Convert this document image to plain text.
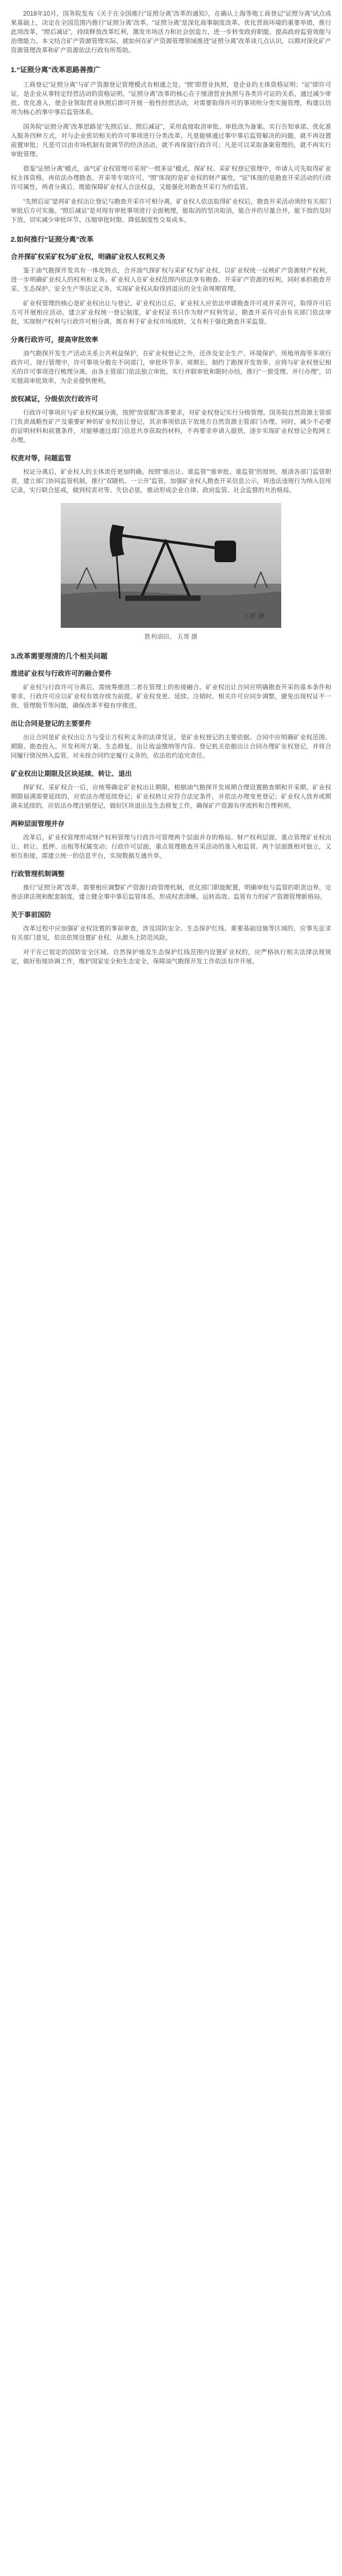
2018年10月，国务院发布《关于在全国推行“证照分离”改革的通知》，在确认上海等地工商登记“证照分离”试点成果基础上，决定在全国范围内推行“证照分离”改革。“证照分离”是深化商事制度改革、优化营商环境的重要举措，推行此项改革，“照后减证”，持续释放改革红利，激发市场活力和社会创造力，进一步转变政府职能，提高政府监管效能与治理能力。本文结合矿产资源管理实际，就如何在矿产资源管理领域推进“证照分离”改革谈几点认识，以期对深化矿产资源管理改革和矿产资源依法行政有所帮助。

1.“证照分离”改革思路善推广

工商登记“证照分离”与矿产资源登记管理模式有相通之处。“照”即营业执照，是企业的主体资格证明；“证”即许可证，是企业从事特定经营活动的资格证明。“证照分离”改革的核心在于厘清营业执照与各类许可证的关系，通过减少审批、优化准入，使企业领取营业执照后即可开展一般性经营活动，对需要取得许可的事项则分类实施管理，构建以信用为核心的事中事后监管体系。

国务院“证照分离”改革思路是“先照后证、照后减证”，采用直接取消审批、审批改为备案、实行告知承诺、优化准入服务四种方式，对与企业密切相关的许可事项进行分类改革。凡是能够通过事中事后监管解决的问题，就不再设置前置审批；凡是可以由市场机制有效调节的经济活动，就不再保留行政许可；凡是可以采取备案管理的，就不再实行审批管理。

借鉴“证照分离”模式，油气矿业权管理可采用“一照多证”模式。探矿权、采矿权登记管理中，申请人可先取得矿业权主体资格，再依法办理勘查、开采等专项许可。“照”体现的是矿业权的财产属性，“证”体现的是勘查开采活动的行政许可属性，两者分离后，既能保障矿业权人合法权益，又能强化对勘查开采行为的监管。

“先照后证”是将矿业权出让登记与勘查开采许可相分离，矿业权人依法取得矿业权后，勘查开采活动须经有关部门审批后方可实施。“照后减证”是对现有审批事项进行全面梳理，能取消的坚决取消，能合并的尽量合并，能下放的及时下放，切实减少审批环节、压缩审批时限、降低制度性交易成本。

2.如何推行“证照分离”改革
合并探矿权采矿权为矿业权，明确矿业权人权利义务

鉴于油气勘探开发具有一体化特点，合并油气探矿权与采矿权为矿业权，以矿业权统一反映矿产资源财产权利，进一步明确矿业权人的权利和义务。矿业权人在矿业权范围内依法享有勘查、开采矿产资源的权利，同时承担勘查开采、生态保护、安全生产等法定义务，实现矿业权从取得到退出的全生命周期管理。

矿业权管理的核心是矿业权出让与登记。矿业权出让后，矿业权人应依法申请勘查许可或开采许可，取得许可后方可开展相应活动。建立矿业权统一登记制度，矿业权证书只作为财产权利凭证，勘查开采许可由有关部门依法审批，实现财产权利与行政许可相分离，既有利于矿业权市场流转，又有利于强化勘查开采监管。

分离行政许可，提高审批效率

油气勘探开发生产活动关系公共利益保护，在矿业权登记之外，还涉及安全生产、环境保护、用地用海等多项行政许可。现行管理中，许可事项分散在不同部门，审批环节多、周期长，制约了勘探开发效率。应将与矿业权登记相关的许可事项进行梳理分离，由各主管部门依法独立审批，实行并联审批和限时办结，推行“一窗受理、并行办理”，切实提高审批效率，为企业提供便利。

放权减证，分级依次行政许可

行政许可事项应与矿业权权属分离，按照“放管服”改革要求，对矿业权登记实行分级管理。国务院自然资源主管部门负责战略性矿产及重要矿种的矿业权出让登记，其余事项依法下放地方自然资源主管部门办理。同时，减少不必要的证明材料和前置条件，对能够通过部门信息共享获取的材料，不再要求申请人提供，逐步实现矿业权登记全程网上办理。

权责对等，问题监管

权证分离后，矿业权人的主体责任更加明确。按照“谁出让、谁监管”“谁审批、谁监管”的原则，厘清各部门监管职责，建立部门协同监管机制，推行“双随机、一公开”监管，加强矿业权人勘查开采信息公示，将违法违规行为纳入信用记录，实行联合惩戒，做到权责对等、失信必惩，推动形成企业自律、政府监管、社会监督的共治格局。

王军 摄
胜利油田。 五哥 摄
3.改革需要理清的几个相关问题
推进矿业权与行政许可的融合要件

矿业权与行政许可分离后，需统筹推进二者在管理上的衔接融合。矿业权出让合同应明确勘查开采的基本条件和要求，行政许可应以矿业权有效存续为前提。矿业权变更、延续、注销时，相关许可应同步调整，避免出现权证不一致、管理脱节等问题，确保改革平稳有序推进。

出让合同是登记的主要要件

出让合同是矿业权出让方与受让方权利义务的法律凭证，是矿业权登记的主要依据。合同中应明确矿业权范围、期限、勘查投入、开发利用方案、生态修复、出让收益缴纳等内容。登记机关依据出让合同办理矿业权登记，并将合同履行情况纳入监管，对未按合同约定履行义务的，依法依约追究责任。

矿业权出让期限及区块延续、转让、退出

探矿权、采矿权合一后，应统筹确定矿业权出让期限，根据油气勘探开发周期合理设置勘查期和开采期。矿业权期限届满需要延续的，应依法办理延续登记；矿业权转让应符合法定条件，并依法办理变更登记；矿业权人放弃或期满未延续的，应依法办理注销登记，做好区块退出及生态修复工作，确保矿产资源有序流转和合理利用。

两种层面管理并存

改革后，矿业权管理形成财产权利管理与行政许可管理两个层面并存的格局。财产权利层面，重点管理矿业权出让、转让、抵押、出租等权属变动；行政许可层面，重点管理勘查开采活动的准入和监管。两个层面既相对独立，又相互衔接，需建立统一的信息平台，实现数据互通共享。

行政管理机制调整

推行“证照分离”改革，需要相应调整矿产资源行政管理机制，优化部门职能配置，明确审批与监管的职责边界，完善法律法规和配套制度，建立健全事中事后监管体系，形成权责清晰、运转高效、监管有力的矿产资源管理新格局。

关于事前国防

改革过程中应加强矿业权设置的事前审查，涉及国防安全、生态保护红线、重要基础设施等区域的，应事先征求有关部门意见，依法依规设置矿业权，从源头上防范风险。

对于在已划定的国防安全区域、自然保护地及生态保护红线范围内设置矿业权的，应严格执行相关法律法规规定，做好衔接协调工作，维护国家安全和生态安全，保障油气勘探开发工作依法有序开展。
